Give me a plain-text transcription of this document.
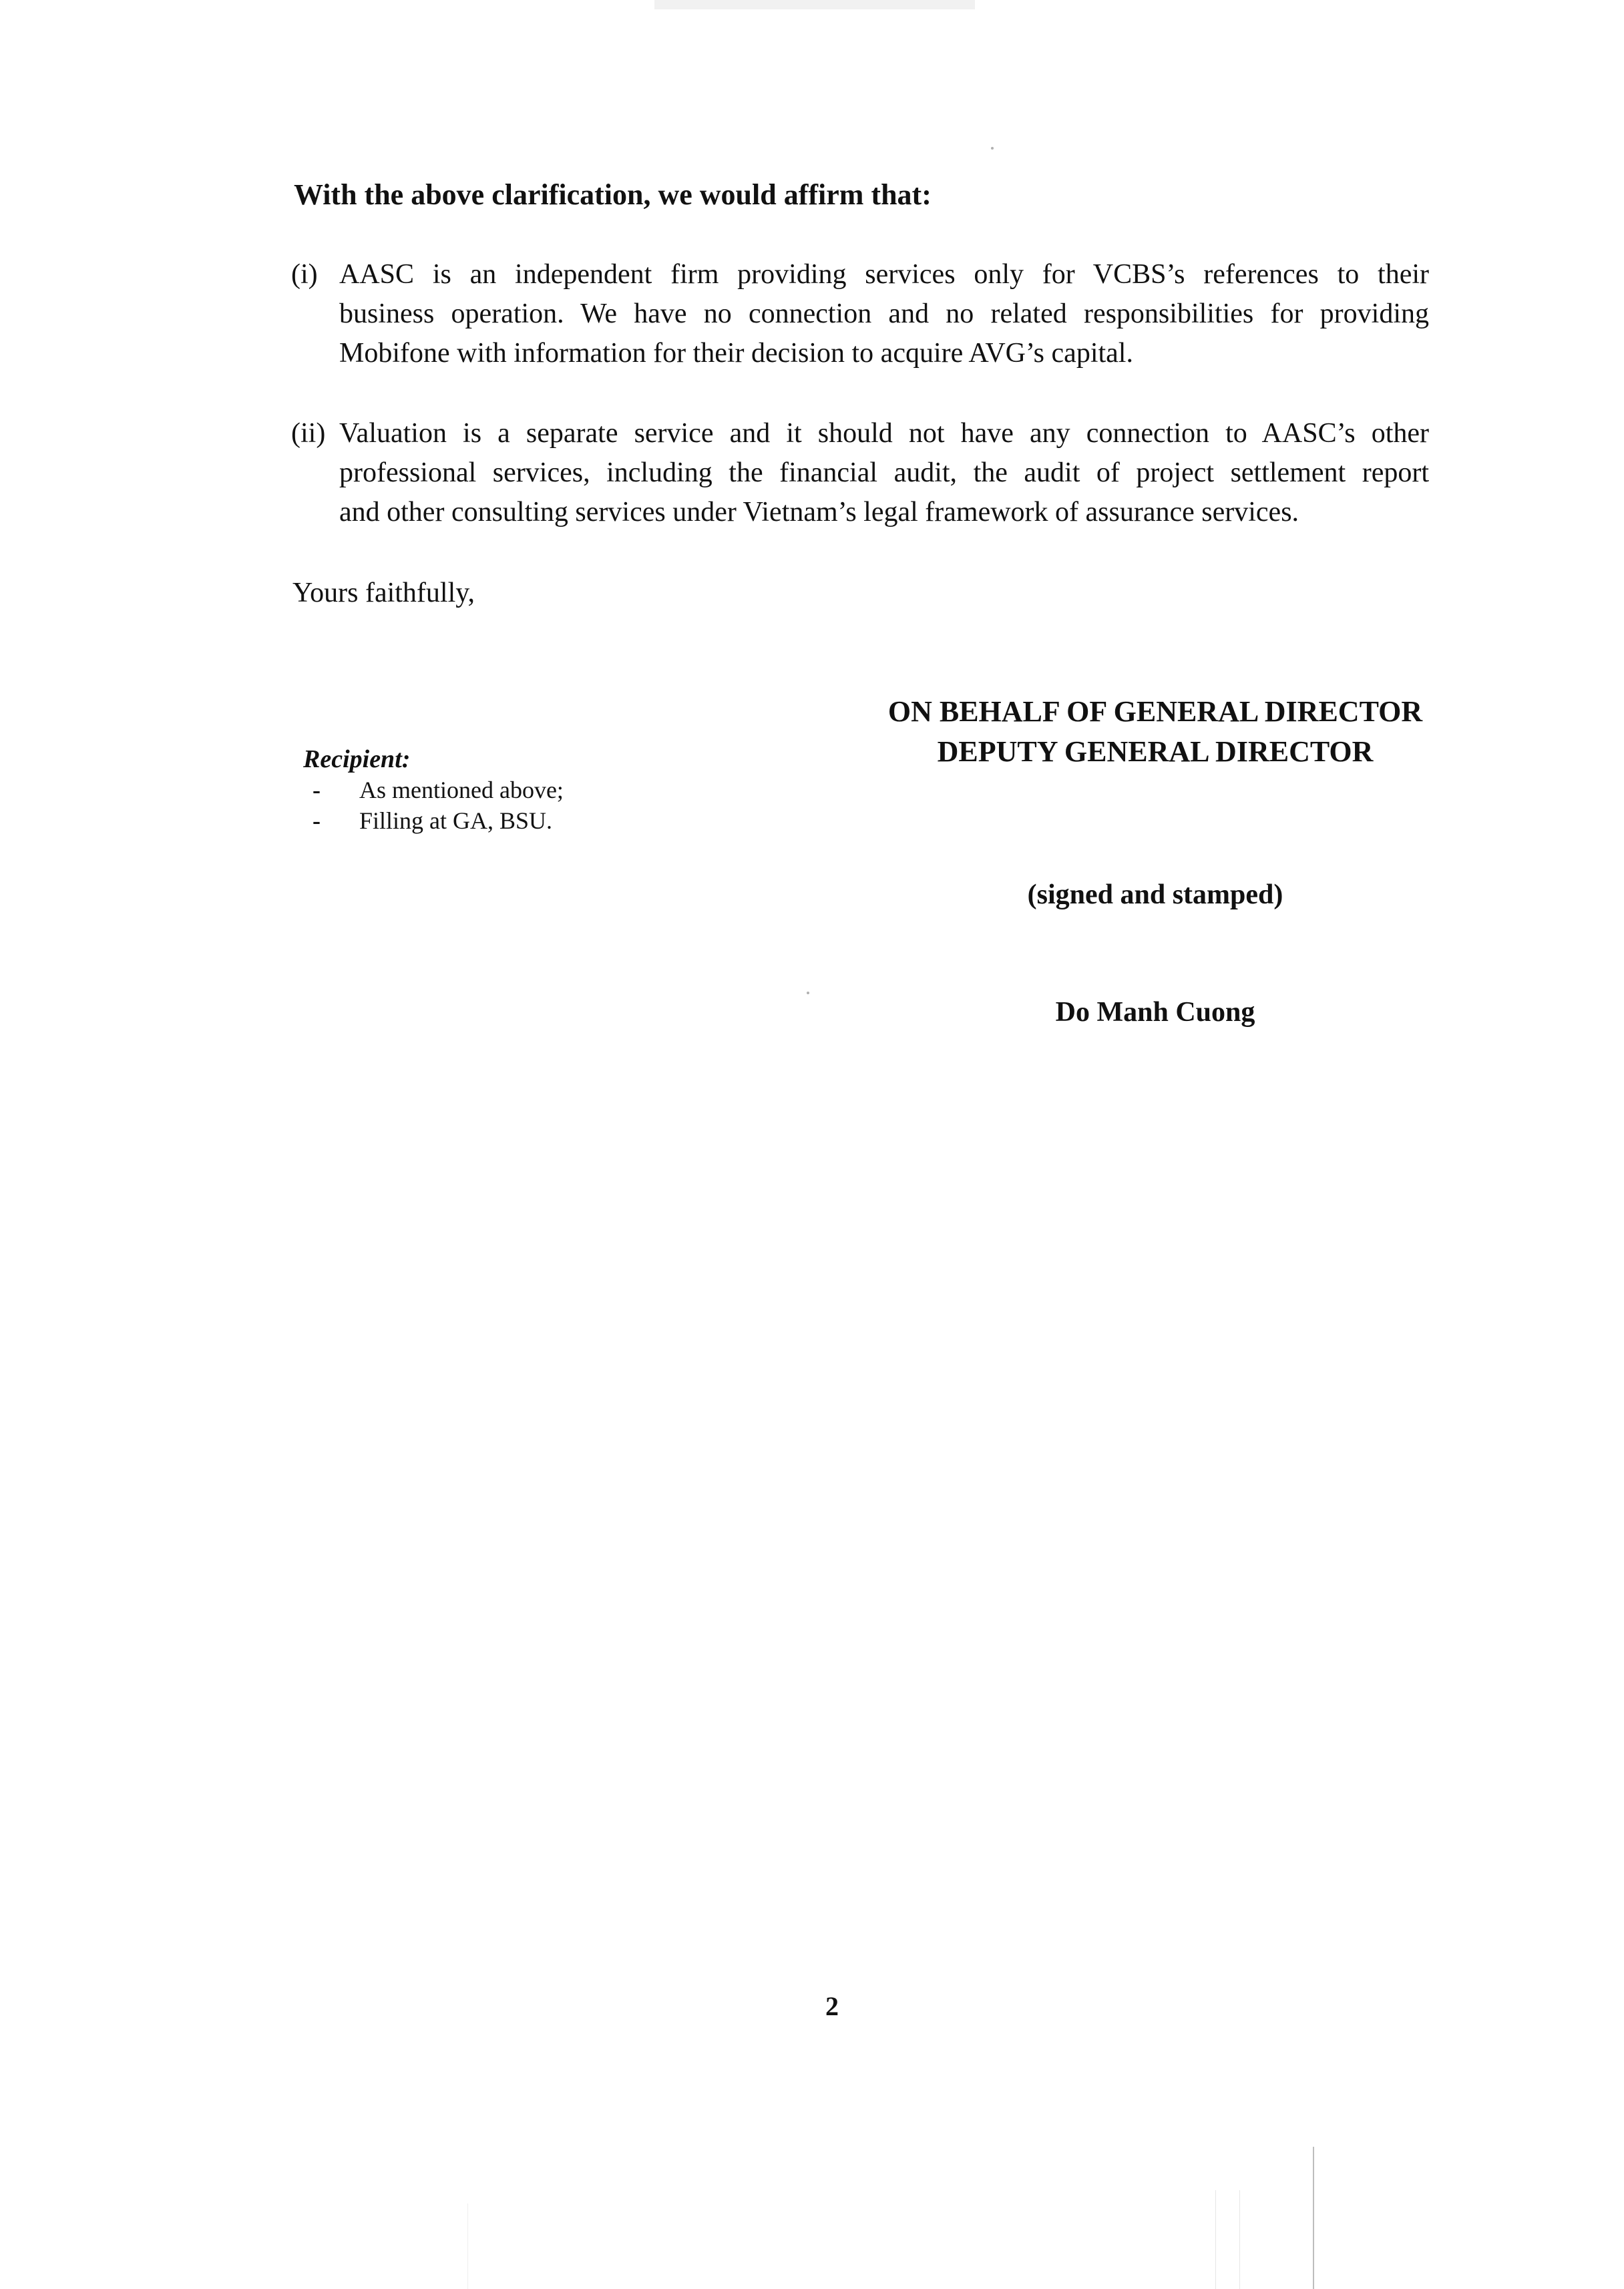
With the above clarification, we would affirm that:
(i) AASC is an independent firm providing services only for VCBS’s references to their
business operation. We have no connection and no related responsibilities for providing
Mobifone with information for their decision to acquire AVG’s capital.
(ii) Valuation is a separate service and it should not have any connection to AASC’s other
professional services, including the financial audit, the audit of project settlement report
and other consulting services under Vietnam’s legal framework of assurance services.
Yours faithfully,
ON BEHALF OF GENERAL DIRECTOR
DEPUTY GENERAL DIRECTOR
Recipient:
- As mentioned above;
- Filling at GA, BSU.
(signed and stamped)
Do Manh Cuong
2
